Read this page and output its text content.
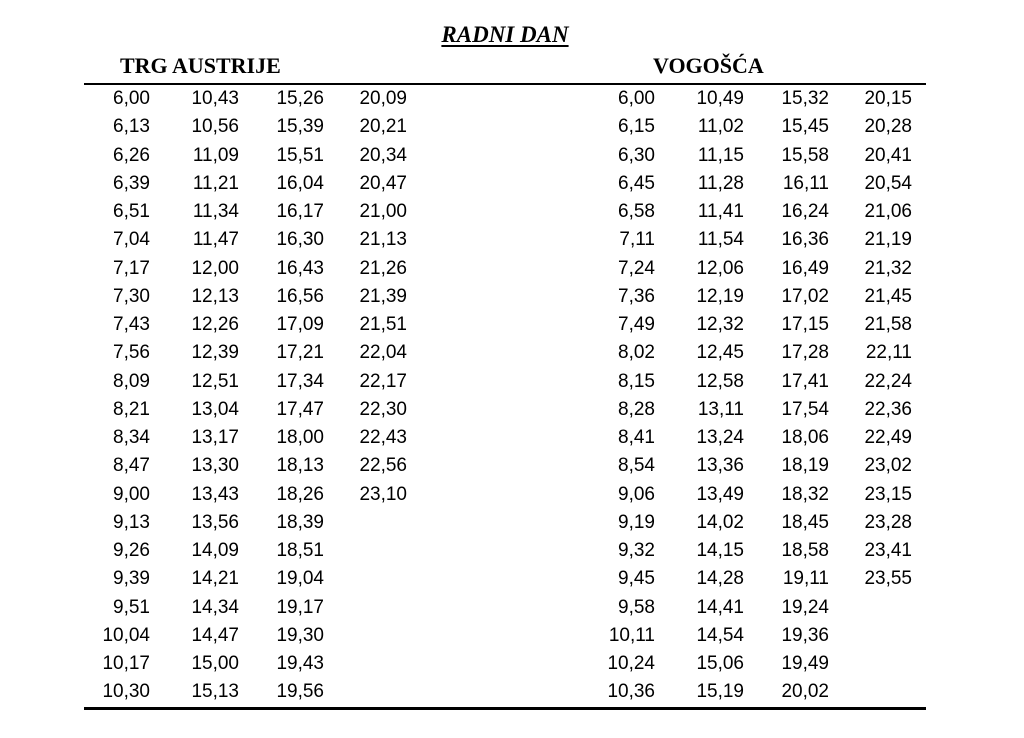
RADNI DAN
TRG AUSTRIJE	VOGOŠĆA
6,00
6,13
6,26
6,39
6,51
7,04
7,17
7,30
7,43
7,56
8,09
8,21
8,34
8,47
9,00
9,13
9,26
9,39
9,51
10,04
10,17
10,30
10,43
10,56
11,09
11,21
11,34
11,47
12,00
12,13
12,26
12,39
12,51
13,04
13,17
13,30
13,43
13,56
14,09
14,21
14,34
14,47
15,00
15,13
15,26
15,39
15,51
16,04
16,17
16,30
16,43
16,56
17,09
17,21
17,34
17,47
18,00
18,13
18,26
18,39
18,51
19,04
19,17
19,30
19,43
19,56
20,09
20,21
20,34
20,47
21,00
21,13
21,26
21,39
21,51
22,04
22,17
22,30
22,43
22,56
23,10
6,00
6,15
6,30
6,45
6,58
7,11
7,24
7,36
7,49
8,02
8,15
8,28
8,41
8,54
9,06
9,19
9,32
9,45
9,58
10,11
10,24
10,36
10,49
11,02
11,15
11,28
11,41
11,54
12,06
12,19
12,32
12,45
12,58
13,11
13,24
13,36
13,49
14,02
14,15
14,28
14,41
14,54
15,06
15,19
15,32
15,45
15,58
16,11
16,24
16,36
16,49
17,02
17,15
17,28
17,41
17,54
18,06
18,19
18,32
18,45
18,58
19,11
19,24
19,36
19,49
20,02
20,15
20,28
20,41
20,54
21,06
21,19
21,32
21,45
21,58
22,11
22,24
22,36
22,49
23,02
23,15
23,28
23,41
23,55
